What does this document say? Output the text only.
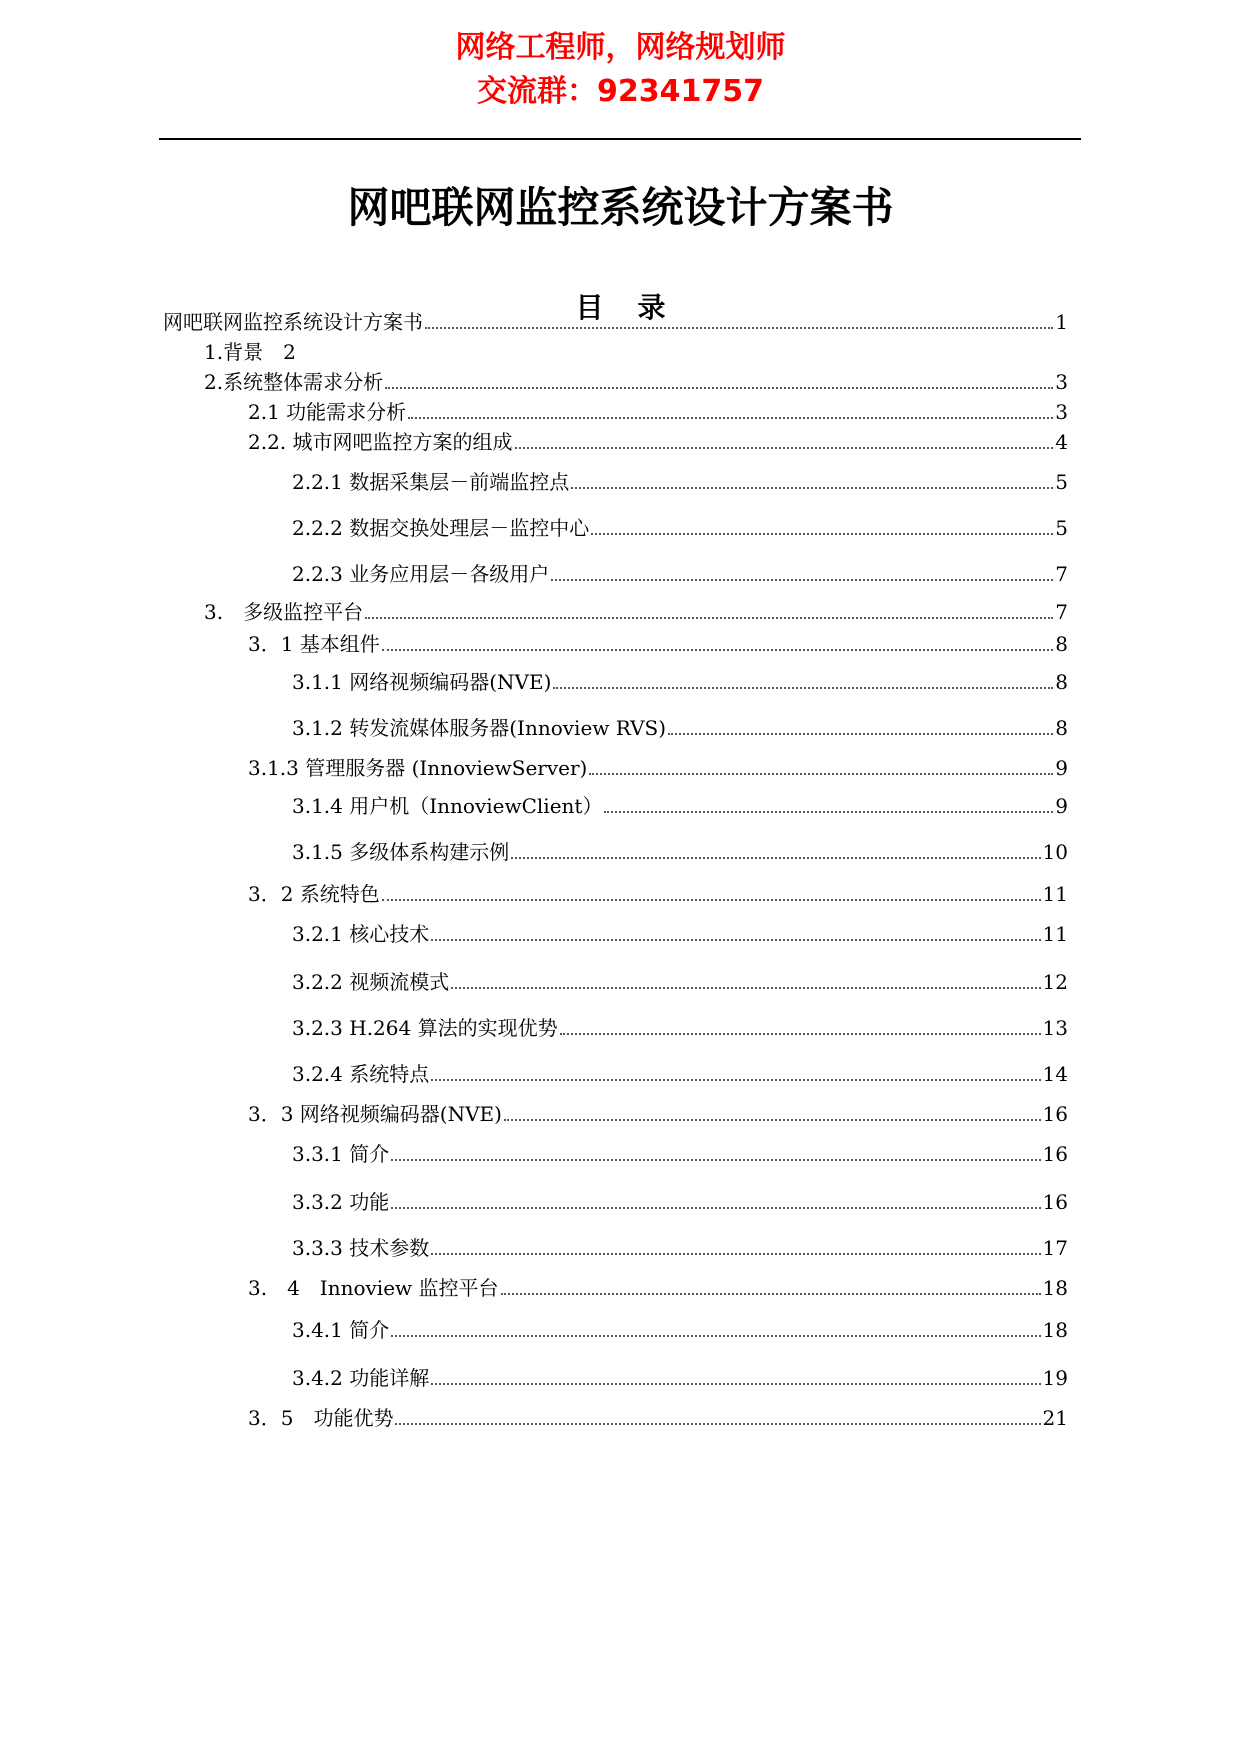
网络工程师，网络规划师
交流群：92341757
网吧联网监控系统设计方案书
目录
网吧联网监控系统设计方案书	1
1.背景　2
2.系统整体需求分析	3
2.1 功能需求分析	3
2.2. 城市网吧监控方案的组成	4
2.2.1 数据采集层－前端监控点	5
2.2.2 数据交换处理层－监控中心	5
2.2.3 业务应用层－各级用户	7
3.　多级监控平台	7
3．1 基本组件	8
3.1.1 网络视频编码器(NVE)	8
3.1.2 转发流媒体服务器(Innoview RVS)	8
3.1.3 管理服务器 (InnoviewServer)	9
3.1.4 用户机（InnoviewClient）	9
3.1.5 多级体系构建示例	10
3．2 系统特色	11
3.2.1 核心技术	11
3.2.2 视频流模式	12
3.2.3 H.264 算法的实现优势	13
3.2.4 系统特点	14
3．3 网络视频编码器(NVE)	16
3.3.1 简介	16
3.3.2 功能	16
3.3.3 技术参数	17
3.　4　Innoview 监控平台	18
3.4.1 简介	18
3.4.2 功能详解	19
3．5　功能优势	21
